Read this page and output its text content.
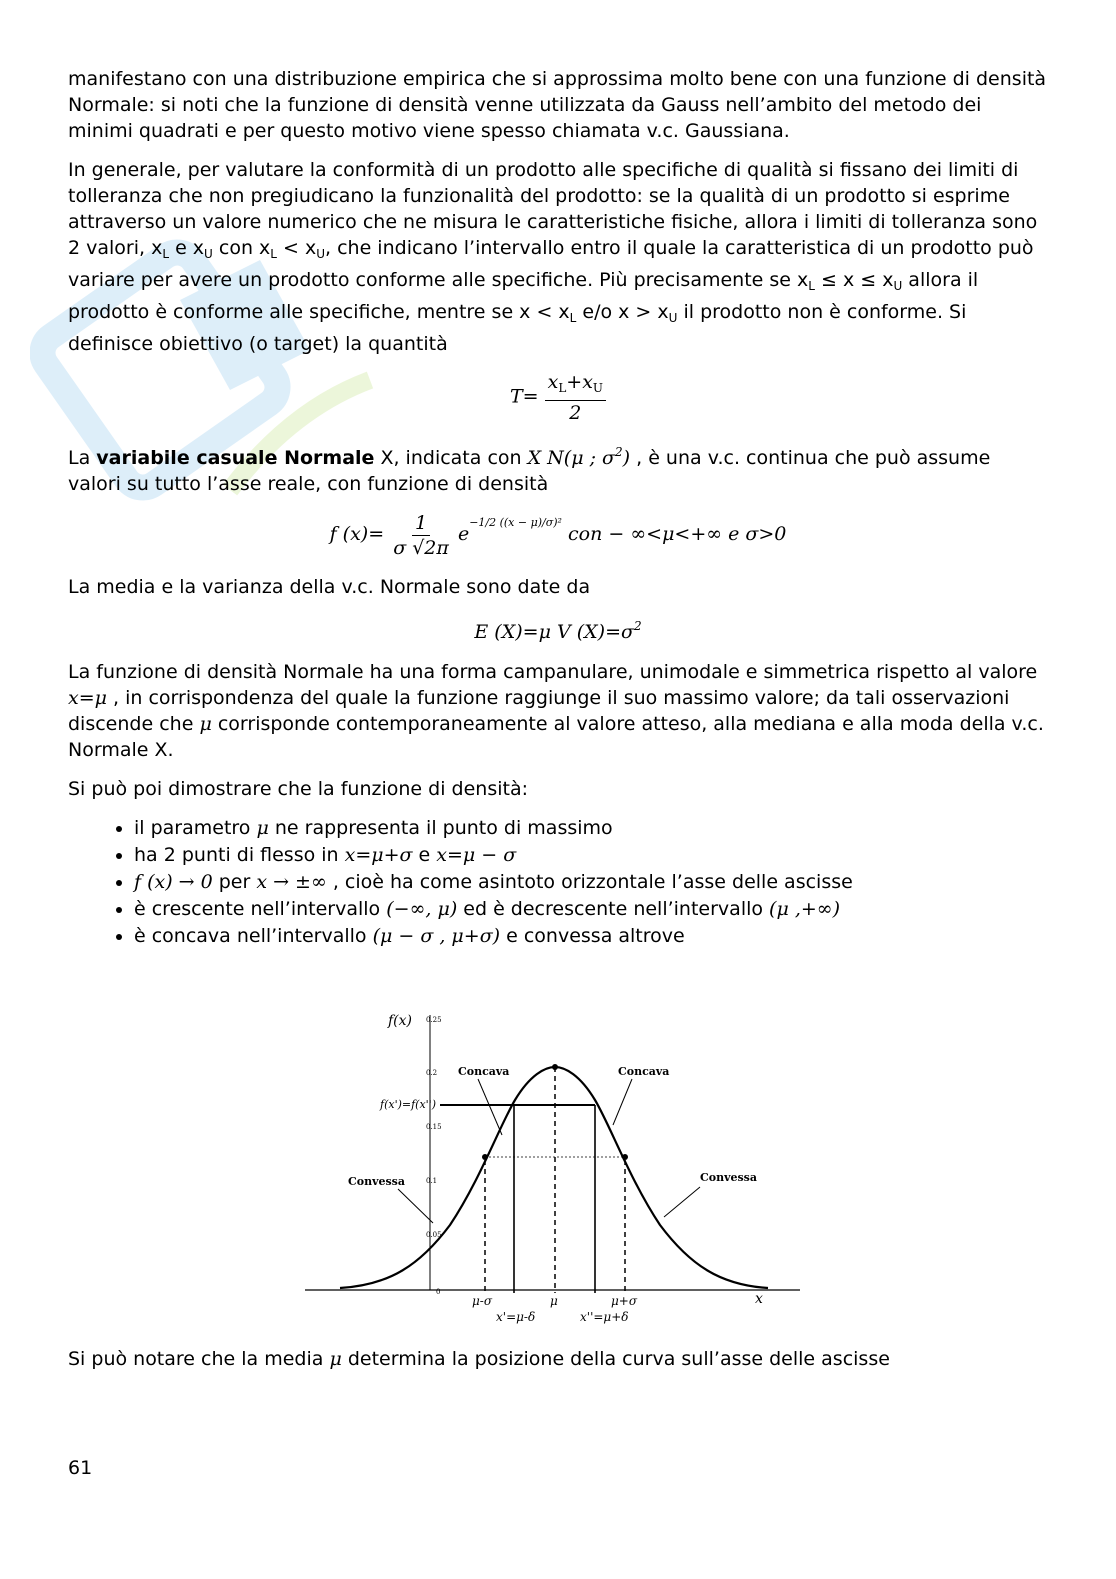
manifestano con una distribuzione empirica che si approssima molto bene con una funzione di densità Normale: si noti che la funzione di densità venne utilizzata da Gauss nell’ambito del metodo dei minimi quadrati e per questo motivo viene spesso chiamata v.c. Gaussiana.

In generale, per valutare la conformità di un prodotto alle specifiche di qualità si fissano dei limiti di tolleranza che non pregiudicano la funzionalità del prodotto: se la qualità di un prodotto si esprime attraverso un valore numerico che ne misura le caratteristiche fisiche, allora i limiti di tolleranza sono 2 valori, $x_L$ e $x_U$ con $x_L < x_U$, che indicano l’intervallo entro il quale la caratteristica di un prodotto può variare per avere un prodotto conforme alle specifiche. Più precisamente se $x_L \le x \le x_U$ allora il prodotto è conforme alle specifiche, mentre se $x < x_L$ e/o $x > x_U$ il prodotto non è conforme. Si definisce obiettivo (o target) la quantità

$T= \frac{x_L+x_U}{2}$

La variabile casuale Normale X, indicata con X N(μ ; $\sigma^2$) , è una v.c. continua che può assume valori su tutto l’asse reale, con funzione di densità

f $(x)= \frac{1}{\sigma √2\pi} e^{-1/2 ((x - \mu)/\sigma)^2}$ con − ∞<μ<+∞ e σ>0

La media e la varianza della v.c. Normale sono date da

E (X)=μ V $(X)=\sigma^2$

La funzione di densità Normale ha una forma campanulare, unimodale e simmetrica rispetto al valore x=μ , in corrispondenza del quale la funzione raggiunge il suo massimo valore; da tali osservazioni discende che μ corrisponde contemporaneamente al valore atteso, alla mediana e alla moda della v.c. Normale X.

Si può poi dimostrare che la funzione di densità:

• il parametro μ ne rappresenta il punto di massimo
• ha 2 punti di flesso in x=μ+σ e x=μ − σ
• f (x) → 0 per x → ±∞ , cioè ha come asintoto orizzontale l’asse delle ascisse
• è crescente nell’intervallo (−∞, μ) ed è decrescente nell’intervallo (μ ,+∞)
• è concava nell’intervallo (μ − σ , μ+σ) e convessa altrove
f(x)
x
0.25
0.2
0.15
0.1
0.05
0
f(x')=f(x'')
Concava	Concava
Convessa	Convessa
μ-σ	μ	μ+σ
x'=μ-δ	x''=μ+δ

Si può notare che la media μ determina la posizione della curva sull’asse delle ascisse

61
